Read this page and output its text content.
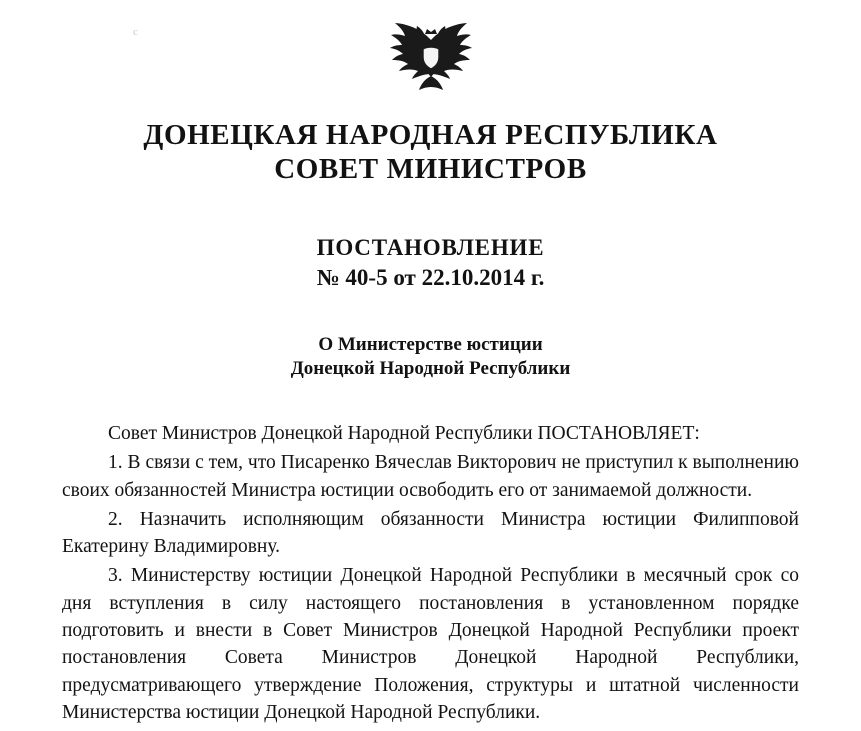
c
ДОНЕЦКАЯ НАРОДНАЯ РЕСПУБЛИКА
СОВЕТ МИНИСТРОВ
ПОСТАНОВЛЕНИЕ
№ 40-5 от 22.10.2014 г.
О Министерстве юстиции
Донецкой Народной Республики

Совет Министров Донецкой Народной Республики ПОСТАНОВЛЯЕТ:

1. В связи с тем, что Писаренко Вячеслав Викторович не приступил к выполнению своих обязанностей Министра юстиции освободить его от занимаемой должности.

2. Назначить исполняющим обязанности Министра юстиции Филипповой Екатерину Владимировну.

3. Министерству юстиции Донецкой Народной Республики в месячный срок со дня вступления в силу настоящего постановления в установленном порядке подготовить и внести в Совет Министров Донецкой Народной Республики проект постановления Совета Министров Донецкой Народной Республики, предусматривающего утверждение Положения, структуры и штатной численности Министерства юстиции Донецкой Народной Республики.
